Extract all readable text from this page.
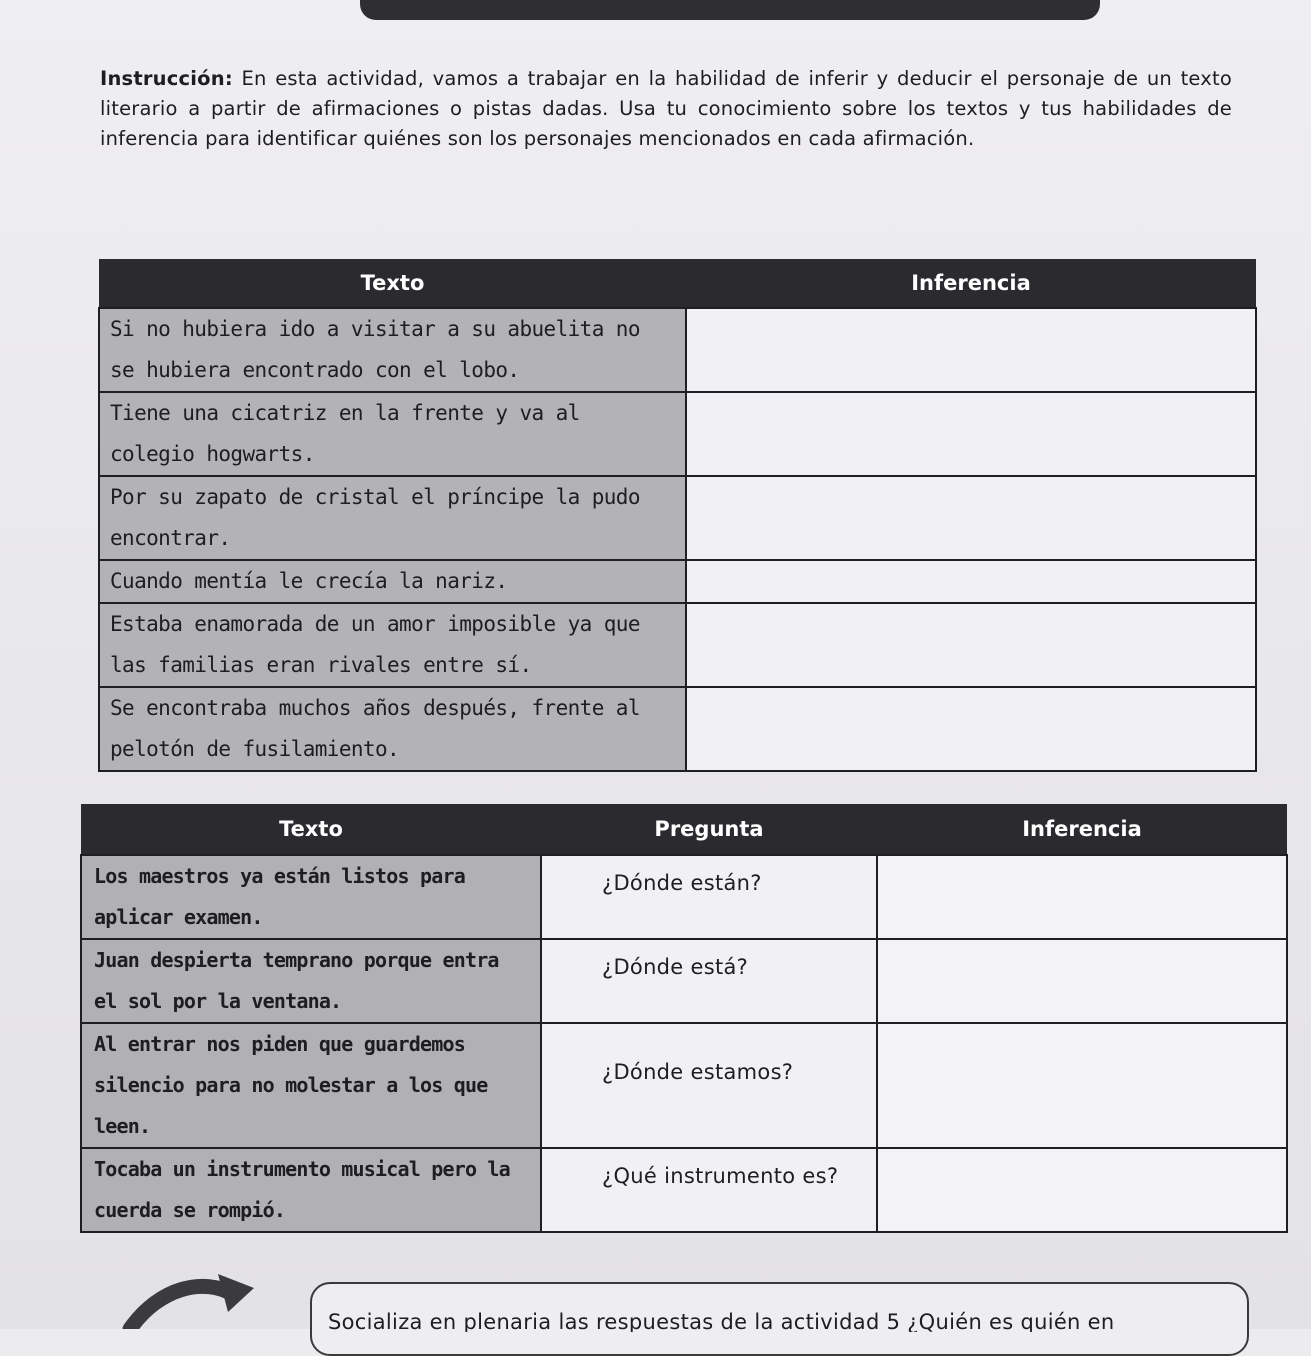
Instrucción: En esta actividad, vamos a trabajar en la habilidad de inferir y deducir el personaje de un texto literario a partir de afirmaciones o pistas dadas. Usa tu conocimiento sobre los textos y tus habilidades de inferencia para identificar quiénes son los personajes mencionados en cada afirmación.
Texto	Inferencia
Si no hubiera ido a visitar a su abuelita no se hubiera encontrado con el lobo.	
Tiene una cicatriz en la frente y va al colegio hogwarts.	
Por su zapato de cristal el príncipe la pudo encontrar.	
Cuando mentía le crecía la nariz.	
Estaba enamorada de un amor imposible ya que las familias eran rivales entre sí.	
Se encontraba muchos años después, frente al pelotón de fusilamiento.	
Texto	Pregunta	Inferencia
Los maestros ya están listos para aplicar examen.	¿Dónde están?	
Juan despierta temprano porque entra el sol por la ventana.	¿Dónde está?	
Al entrar nos piden que guardemos silencio para no molestar a los que leen.	¿Dónde estamos?	
Tocaba un instrumento musical pero la cuerda se rompió.	¿Qué instrumento es?	
Socializa en plenaria las respuestas de la actividad 5 ¿Quién es quién en
